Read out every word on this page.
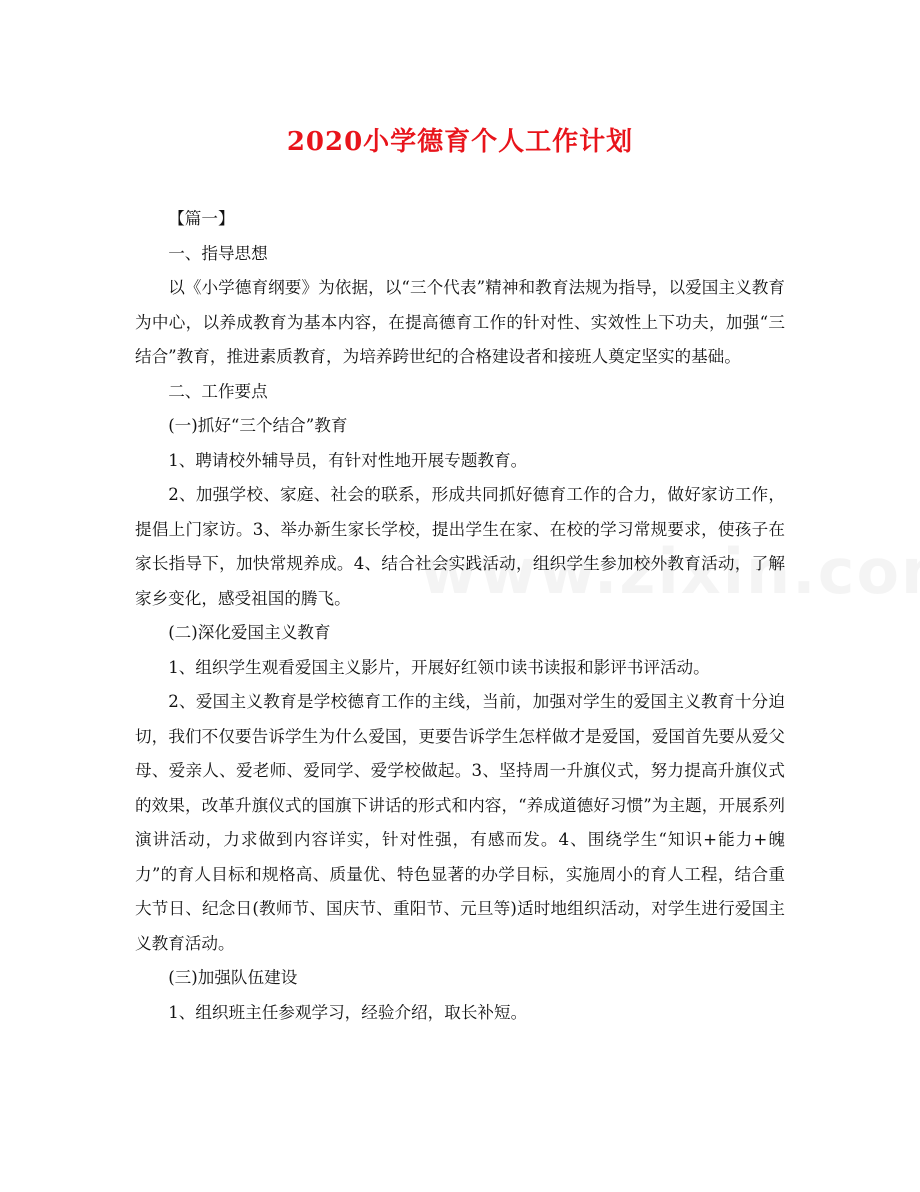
2020小学德育个人工作计划

【篇一】

一、指导思想

以《小学德育纲要》为依据，以“三个代表”精神和教育法规为指导，以爱国主义教育为中心，以养成教育为基本内容，在提高德育工作的针对性、实效性上下功夫，加强“三结合”教育，推进素质教育，为培养跨世纪的合格建设者和接班人奠定坚实的基础。

二、工作要点

(一)抓好“三个结合”教育

1、聘请校外辅导员，有针对性地开展专题教育。

2、加强学校、家庭、社会的联系，形成共同抓好德育工作的合力，做好家访工作，提倡上门家访。3、举办新生家长学校，提出学生在家、在校的学习常规要求，使孩子在家长指导下，加快常规养成。4、结合社会实践活动，组织学生参加校外教育活动，了解家乡变化，感受祖国的腾飞。

(二)深化爱国主义教育

1、组织学生观看爱国主义影片，开展好红领巾读书读报和影评书评活动。

2、爱国主义教育是学校德育工作的主线，当前，加强对学生的爱国主义教育十分迫切，我们不仅要告诉学生为什么爱国，更要告诉学生怎样做才是爱国，爱国首先要从爱父母、爱亲人、爱老师、爱同学、爱学校做起。3、坚持周一升旗仪式，努力提高升旗仪式的效果，改革升旗仪式的国旗下讲话的形式和内容，“养成道德好习惯”为主题，开展系列演讲活动，力求做到内容详实，针对性强，有感而发。4、围绕学生“知识+能力+魄力”的育人目标和规格高、质量优、特色显著的办学目标，实施周小的育人工程，结合重大节日、纪念日(教师节、国庆节、重阳节、元旦等)适时地组织活动，对学生进行爱国主义教育活动。

(三)加强队伍建设

1、组织班主任参观学习，经验介绍，取长补短。
